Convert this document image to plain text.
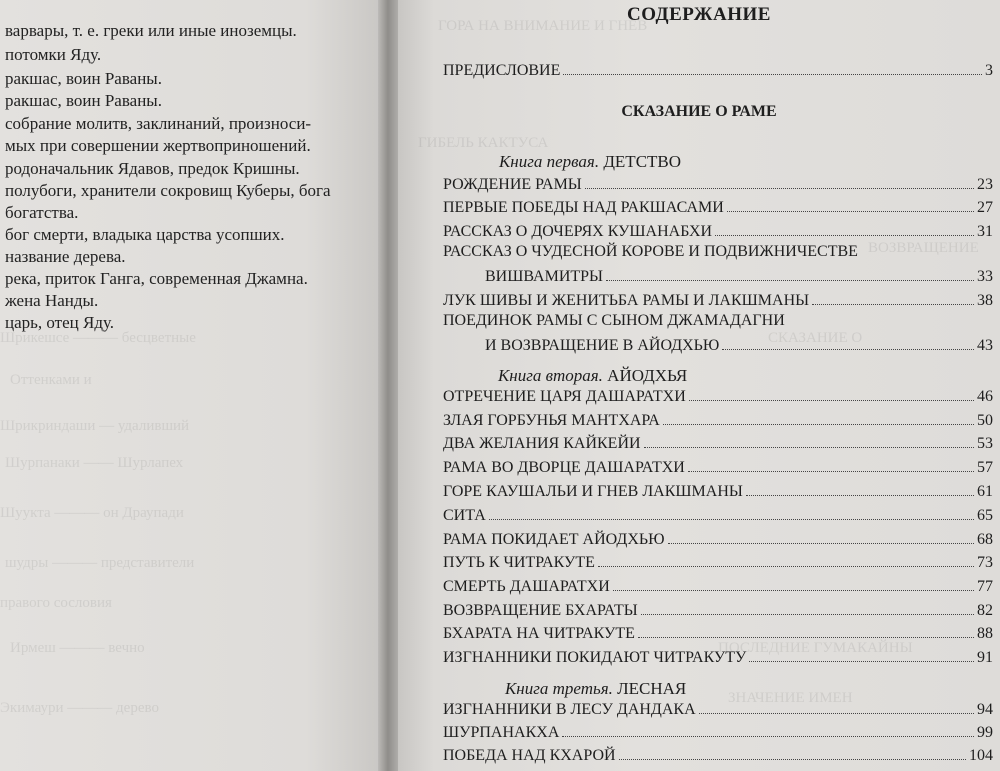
Шрикешсе ——— бесцветные
Оттенками и
Шрикриндаши — удаливший
Шурпанаки —— Шурлапех
Шуукта ——— он Драупади
шудры ——— представители
правого сословия
Ирмеш ——— вечно
Экимаури ——— дерево
варвары, т. е. греки или иные иноземцы.
потомки Яду.
ракшас, воин Раваны.
ракшас, воин Раваны.
собрание молитв, заклинаний, произноси-
мых при совершении жертвоприношений.
родоначальник Ядавов, предок Кришны.
полубоги, хранители сокровищ Куберы, бога
богатства.
бог смерти, владыка царства усопших.
название дерева.
река, приток Ганга, современная Джамна.
жена Нанды.
царь, отец Яду.
ГОРА НА ВНИМАНИЕ И ГНЕВ
ГИБЕЛЬ КАКТУСА
ВОЗВРАЩЕНИЕ
СКАЗАНИЕ О
ПОСЛЕДНИЕ ГУМАКАЙНЫ
ЗНАЧЕНИЕ ИМЕН
СОДЕРЖАНИЕ
ПРЕДИСЛОВИЕ	3
СКАЗАНИЕ О РАМЕ
Книга первая. ДЕТСТВО
РОЖДЕНИЕ РАМЫ	23
ПЕРВЫЕ ПОБЕДЫ НАД РАКШАСАМИ	27
РАССКАЗ О ДОЧЕРЯХ КУШАНАБХИ	31
РАССКАЗ О ЧУДЕСНОЙ КОРОВЕ И ПОДВИЖНИЧЕСТВЕ
ВИШВАМИТРЫ	33
ЛУК ШИВЫ И ЖЕНИТЬБА РАМЫ И ЛАКШМАНЫ	38
ПОЕДИНОК РАМЫ С СЫНОМ ДЖАМАДАГНИ
И ВОЗВРАЩЕНИЕ В АЙОДХЬЮ	43
Книга вторая. АЙОДХЬЯ
ОТРЕЧЕНИЕ ЦАРЯ ДАШАРАТХИ	46
ЗЛАЯ ГОРБУНЬЯ МАНТХАРА	50
ДВА ЖЕЛАНИЯ КАЙКЕЙИ	53
РАМА ВО ДВОРЦЕ ДАШАРАТХИ	57
ГОРЕ КАУШАЛЬИ И ГНЕВ ЛАКШМАНЫ	61
СИТА	65
РАМА ПОКИДАЕТ АЙОДХЬЮ	68
ПУТЬ К ЧИТРАКУТЕ	73
СМЕРТЬ ДАШАРАТХИ	77
ВОЗВРАЩЕНИЕ БХАРАТЫ	82
БХАРАТА НА ЧИТРАКУТЕ	88
ИЗГНАННИКИ ПОКИДАЮТ ЧИТРАКУТУ	91
Книга третья. ЛЕСНАЯ
ИЗГНАННИКИ В ЛЕСУ ДАНДАКА	94
ШУРПАНАКХА	99
ПОБЕДА НАД КХАРОЙ	104
